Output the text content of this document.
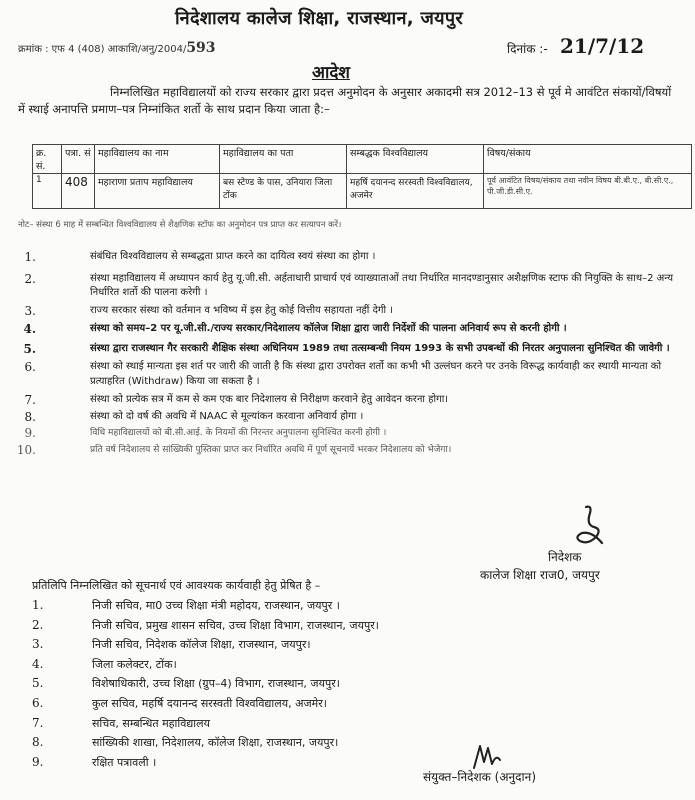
निदेशालय कालेज शिक्षा, राजस्थान, जयपुर
क्रमांक : एफ 4 (408) आकाशि/अनु/2004/593	दिनांक :- 21/7/12
आदेश
निम्नलिखित महाविद्यालयों को राज्य सरकार द्वारा प्रदत्त अनुमोदन के अनुसार अकादमी सत्र 2012–13 से पूर्व मे आवंटित संकायों/विषयों में स्थाई अनापत्ति प्रमाण–पत्र निम्नांकित शर्तो के साथ प्रदान किया जाता है:–
क्र. सं.	पत्रा. सं	महाविद्यालय का नाम	महाविद्यालय का पता	सम्बद्धक विश्वविद्यालय	विषय/संकाय
1	408	महाराणा प्रताप महाविद्यालय	बस स्टेण्ड के पास, उनियारा जिला टोंक	महर्षि दयानन्द सरस्वती विश्वविद्यालय, अजमेर	पूर्व आवंटित विषय/संकाय तथा नवीन विषय बी.बी.ए., बी.सी.ए., पी.जी.डी.सी.ए.
नोट– संस्था 6 माह में सम्बन्धित विश्वविद्यालय से शैक्षणिक स्टॉफ का अनुमोदन पत्र प्राप्त कर सत्यापन करें।
1.	संबंधित विश्वविद्यालय से सम्बद्धता प्राप्त करने का दायित्व स्वयं संस्था का होगा ।
2.	संस्था महाविद्यालय में अध्यापन कार्य हेतु यू.जी.सी. अर्हताधारी प्राचार्य एवं व्याख्याताओं तथा निर्धारित मानदण्डानुसार अशैक्षणिक स्टाफ की नियुक्ति के साथ–2 अन्य निर्धारित शर्तो की पालना करेगी ।
3.	राज्य सरकार संस्था को वर्तमान व भविष्य में इस हेतु कोई वित्तीय सहायता नहीं देगी ।
4.	संस्था को समय–2 पर यू.जी.सी./राज्य सरकार/निदेशालय कॉलेज शिक्षा द्वारा जारी निर्देशों की पालना अनिवार्य रूप से करनी होगी ।
5.	संस्था द्वारा राजस्थान गैर सरकारी शैक्षिक संस्था अधिनियम 1989 तथा तत्सम्बन्धी नियम 1993 के सभी उपबन्धों की निरतर अनुपालना सुनिश्चित की जावेगी ।
6.	संस्था को स्थाई मान्यता इस शर्त पर जारी की जाती है कि संस्था द्वारा उपरोक्त शर्तो का कभी भी उल्लंघन करने पर उनके विरूद्ध कार्यवाही कर स्थायी मान्यता को प्रत्याहरित (Withdraw) किया जा सकता है ।
7.	संस्था को प्रत्येक सत्र में कम से कम एक बार निदेशालय से निरीक्षण करवाने हेतु आवेदन करना होगा।
8.	संस्था को दो वर्ष की अवधि में NAAC से मूल्यांकन करवाना अनिवार्य होगा ।
9.	विधि महाविद्यालयों को बी.सी.आई. के नियमों की निरन्तर अनुपालना सुनिश्चित करनी होगी ।
10.	प्रति वर्ष निदेशालय से सांख्यिकी पुस्तिका प्राप्त कर निर्धारित अवधि में पूर्ण सूचनायें भरकर निदेशालय को भेजेगा।
निदेशक
कालेज शिक्षा राज0, जयपुर
प्रतिलिपि निम्नलिखित को सूचनार्थ एवं आवश्यक कार्यवाही हेतु प्रेषित है –
1.	निजी सचिव, मा0 उच्च शिक्षा मंत्री महोदय, राजस्थान, जयपुर ।
2.	निजी सचिव, प्रमुख शासन सचिव, उच्च शिक्षा विभाग, राजस्थान, जयपुर।
3.	निजी सचिव, निदेशक कॉलेज शिक्षा, राजस्थान, जयपुर।
4.	जिला कलेक्टर, टोंक।
5.	विशेषाधिकारी, उच्च शिक्षा (ग्रुप–4) विभाग, राजस्थान, जयपुर।
6.	कुल सचिव, महर्षि दयानन्द सरस्वती विश्वविद्यालय, अजमेर।
7.	सचिव, सम्बन्धित महाविद्यालय
8.	सांख्यिकी शाखा, निदेशालय, कॉलेज शिक्षा, राजस्थान, जयपुर।
9.	रक्षित पत्रावली ।
संयुक्त–निदेशक (अनुदान)
